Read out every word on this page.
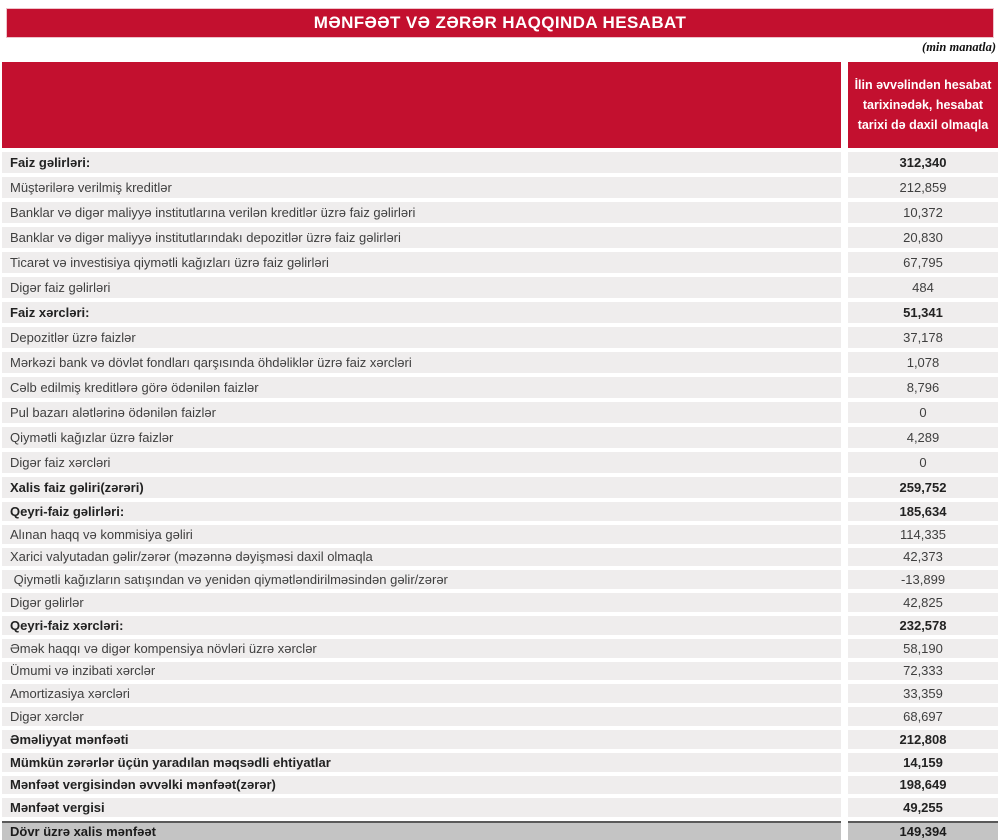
MƏNFƏƏT VƏ ZƏRƏR HAQQINDA HESABAT
(min manatla)
İlin əvvəlindən hesabat tarixinədək, hesabat tarixi də daxil olmaqla
Faiz gəlirləri:	312,340
Müştərilərə verilmiş kreditlər	212,859
Banklar və digər maliyyə institutlarına verilən kreditlər üzrə faiz gəlirləri	10,372
Banklar və digər maliyyə institutlarındakı depozitlər üzrə faiz gəlirləri	20,830
Ticarət və investisiya qiymətli kağızları üzrə faiz gəlirləri	67,795
Digər faiz gəlirləri	484
Faiz xərcləri:	51,341
Depozitlər üzrə faizlər	37,178
Mərkəzi bank və dövlət fondları qarşısında öhdəliklər üzrə faiz xərcləri	1,078
Cəlb edilmiş kreditlərə görə ödənilən faizlər	8,796
Pul bazarı alətlərinə ödənilən faizlər	0
Qiymətli kağızlar üzrə faizlər	4,289
Digər faiz xərcləri	0
Xalis faiz gəliri(zərəri)	259,752
Qeyri-faiz gəlirləri:	185,634
Alınan haqq və kommisiya gəliri	114,335
Xarici valyutadan gəlir/zərər (məzənnə dəyişməsi daxil olmaqla	42,373
Qiymətli kağızların satışından və yenidən qiymətləndirilməsindən gəlir/zərər	-13,899
Digər gəlirlər	42,825
Qeyri-faiz xərcləri:	232,578
Əmək haqqı və digər kompensiya növləri üzrə xərclər	58,190
Ümumi və inzibati xərclər	72,333
Amortizasiya xərcləri	33,359
Digər xərclər	68,697
Əməliyyat mənfəəti	212,808
Mümkün zərərlər üçün yaradılan məqsədli ehtiyatlar	14,159
Mənfəət vergisindən əvvəlki mənfəət(zərər)	198,649
Mənfəət vergisi	49,255
Dövr üzrə xalis mənfəət	149,394
